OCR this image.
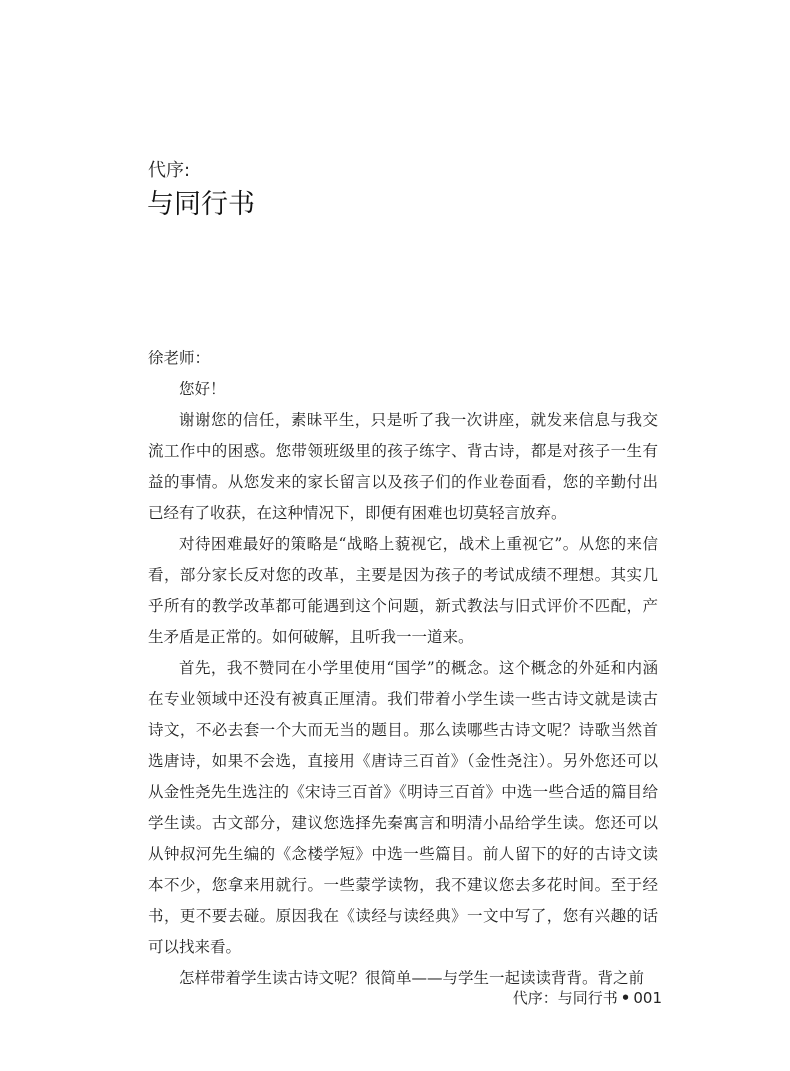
代序:
与同行书

徐老师：

您好！

谢谢您的信任，素昧平生，只是听了我一次讲座，就发来信息与我交流工作中的困惑。您带领班级里的孩子练字、背古诗，都是对孩子一生有益的事情。从您发来的家长留言以及孩子们的作业卷面看，您的辛勤付出已经有了收获，在这种情况下，即便有困难也切莫轻言放弃。

对待困难最好的策略是“战略上藐视它，战术上重视它”。从您的来信看，部分家长反对您的改革，主要是因为孩子的考试成绩不理想。其实几乎所有的教学改革都可能遇到这个问题，新式教法与旧式评价不匹配，产生矛盾是正常的。如何破解，且听我一一道来。

首先，我不赞同在小学里使用“国学”的概念。这个概念的外延和内涵在专业领域中还没有被真正厘清。我们带着小学生读一些古诗文就是读古诗文，不必去套一个大而无当的题目。那么读哪些古诗文呢？诗歌当然首选唐诗，如果不会选，直接用《唐诗三百首》（金性尧注）。另外您还可以从金性尧先生选注的《宋诗三百首》《明诗三百首》中选一些合适的篇目给学生读。古文部分，建议您选择先秦寓言和明清小品给学生读。您还可以从钟叔河先生编的《念楼学短》中选一些篇目。前人留下的好的古诗文读本不少，您拿来用就行。一些蒙学读物，我不建议您去多花时间。至于经书，更不要去碰。原因我在《读经与读经典》一文中写了，您有兴趣的话可以找来看。

怎样带着学生读古诗文呢？很简单——与学生一起读读背背。背之前

代序：与同行书 • 001
